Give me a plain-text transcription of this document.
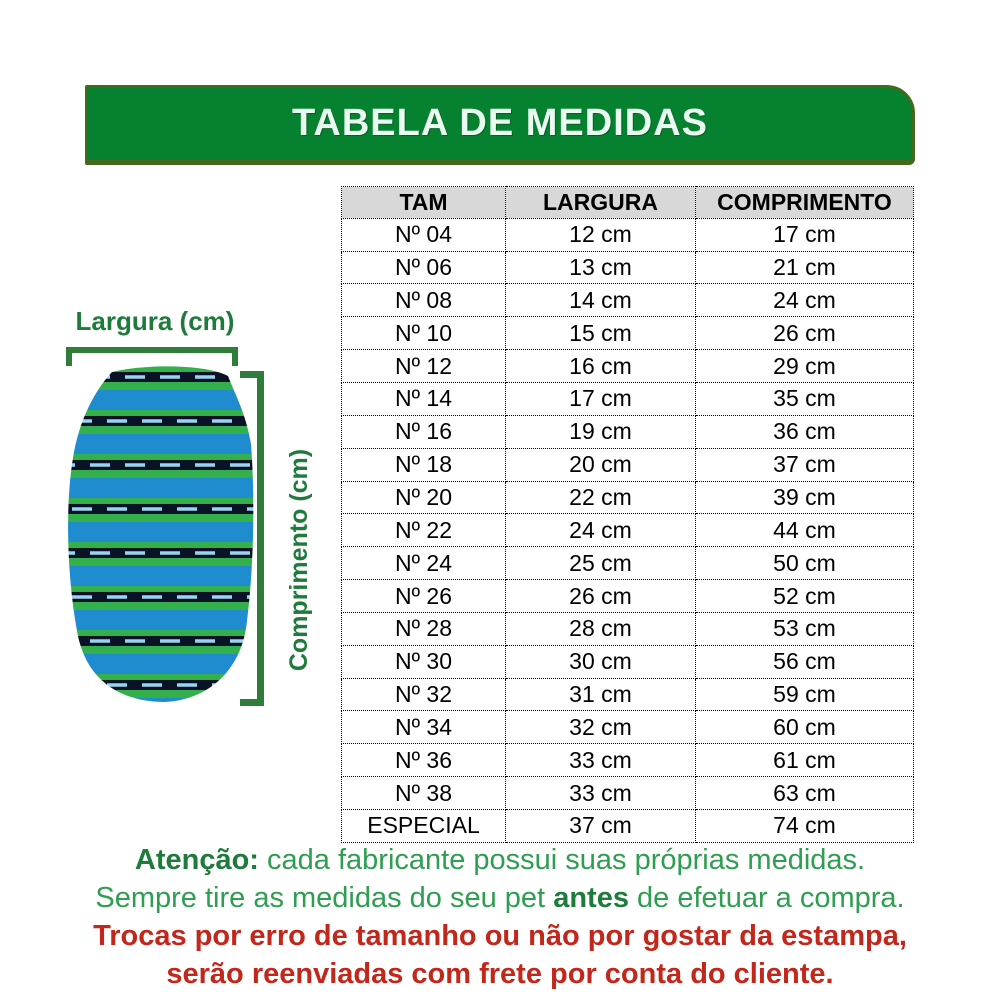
TABELA DE MEDIDAS
Largura (cm)
Comprimento (cm)
TAM	LARGURA	COMPRIMENTO
Nº 04	12 cm	17 cm
Nº 06	13 cm	21 cm
Nº 08	14 cm	24 cm
Nº 10	15 cm	26 cm
Nº 12	16 cm	29 cm
Nº 14	17 cm	35 cm
Nº 16	19 cm	36 cm
Nº 18	20 cm	37 cm
Nº 20	22 cm	39 cm
Nº 22	24 cm	44 cm
Nº 24	25 cm	50 cm
Nº 26	26 cm	52 cm
Nº 28	28 cm	53 cm
Nº 30	30 cm	56 cm
Nº 32	31 cm	59 cm
Nº 34	32 cm	60 cm
Nº 36	33 cm	61 cm
Nº 38	33 cm	63 cm
ESPECIAL	37 cm	74 cm
Atenção: cada fabricante possui suas próprias medidas.
Sempre tire as medidas do seu pet antes de efetuar a compra.
Trocas por erro de tamanho ou não por gostar da estampa,
serão reenviadas com frete por conta do cliente.
